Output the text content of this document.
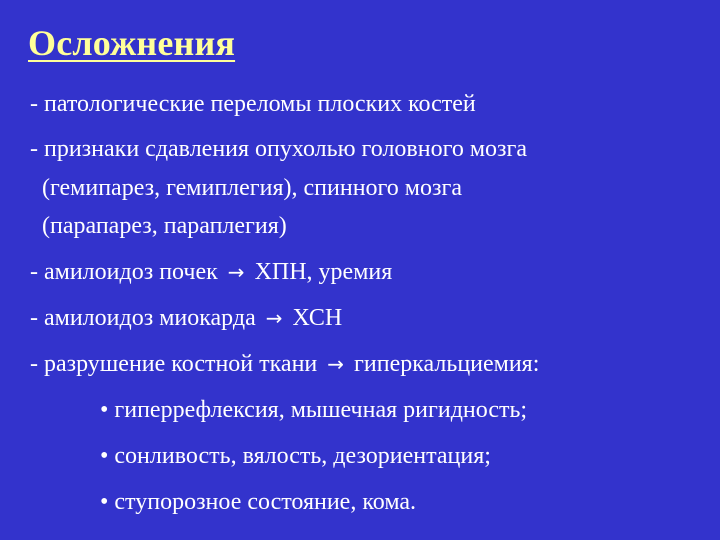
Осложнения
- патологические переломы плоских костей
- признаки сдавления опухолью головного мозга
(гемипарез, гемиплегия), спинного мозга
(парапарез, параплегия)
- амилоидоз почек → ХПН, уремия
- амилоидоз миокарда → ХСН
- разрушение костной ткани → гиперкальциемия:
• гиперрефлексия, мышечная ригидность;
• сонливость, вялость, дезориентация;
• ступорозное состояние, кома.
